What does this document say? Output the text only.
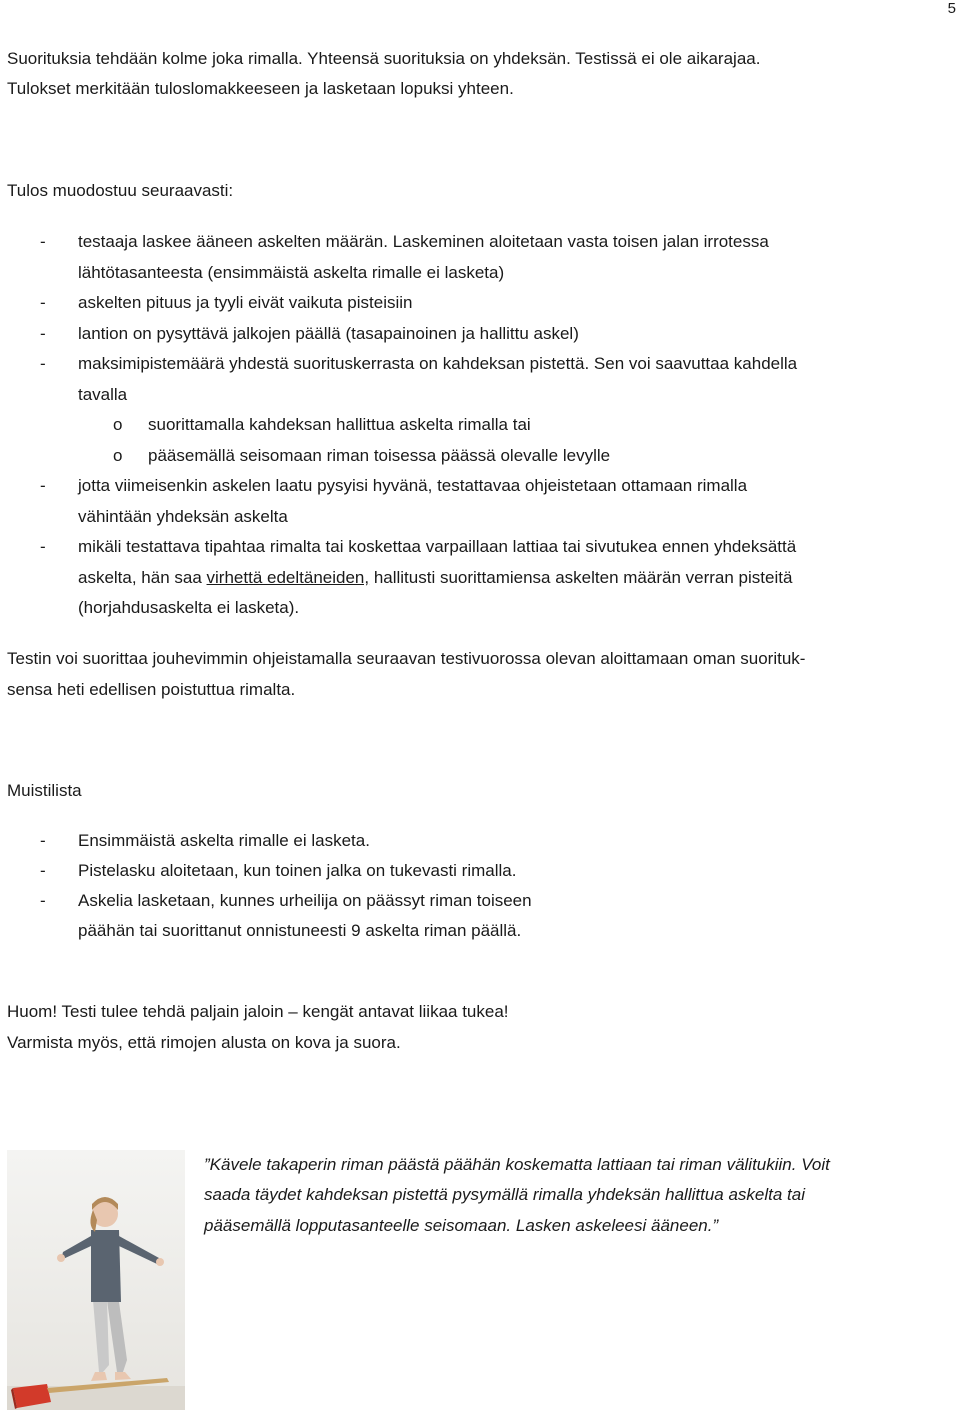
5
Suorituksia tehdään kolme joka rimalla. Yhteensä suorituksia on yhdeksän. Testissä ei ole aikarajaa.
Tulokset merkitään tuloslomakkeeseen ja lasketaan lopuksi yhteen.
Tulos muodostuu seuraavasti:
- testaaja laskee ääneen askelten määrän. Laskeminen aloitetaan vasta toisen jalan irrotessa
lähtötasanteesta (ensimmäistä askelta rimalle ei lasketa)
- askelten pituus ja tyyli eivät vaikuta pisteisiin
- lantion on pysyttävä jalkojen päällä (tasapainoinen ja hallittu askel)
- maksimipistemäärä yhdestä suorituskerrasta on kahdeksan pistettä. Sen voi saavuttaa kahdella
tavalla
o suorittamalla kahdeksan hallittua askelta rimalla tai
o pääsemällä seisomaan riman toisessa päässä olevalle levylle
- jotta viimeisenkin askelen laatu pysyisi hyvänä, testattavaa ohjeistetaan ottamaan rimalla
vähintään yhdeksän askelta
- mikäli testattava tipahtaa rimalta tai koskettaa varpaillaan lattiaa tai sivutukea ennen yhdeksättä
askelta, hän saa virhettä edeltäneiden, hallitusti suorittamiensa askelten määrän verran pisteitä
(horjahdusaskelta ei lasketa).
Testin voi suorittaa jouhevimmin ohjeistamalla seuraavan testivuorossa olevan aloittamaan oman suorituk-
sensa heti edellisen poistuttua rimalta.
Muistilista
- Ensimmäistä askelta rimalle ei lasketa.
- Pistelasku aloitetaan, kun toinen jalka on tukevasti rimalla.
- Askelia lasketaan, kunnes urheilija on päässyt riman toiseen
päähän tai suorittanut onnistuneesti 9 askelta riman päällä.
Huom! Testi tulee tehdä paljain jaloin – kengät antavat liikaa tukea!
Varmista myös, että rimojen alusta on kova ja suora.
”Kävele takaperin riman päästä päähän koskematta lattiaan tai riman välitukiin. Voit
saada täydet kahdeksan pistettä pysymällä rimalla yhdeksän hallittua askelta tai
pääsemällä lopputasanteelle seisomaan. Lasken askeleesi ääneen.”
